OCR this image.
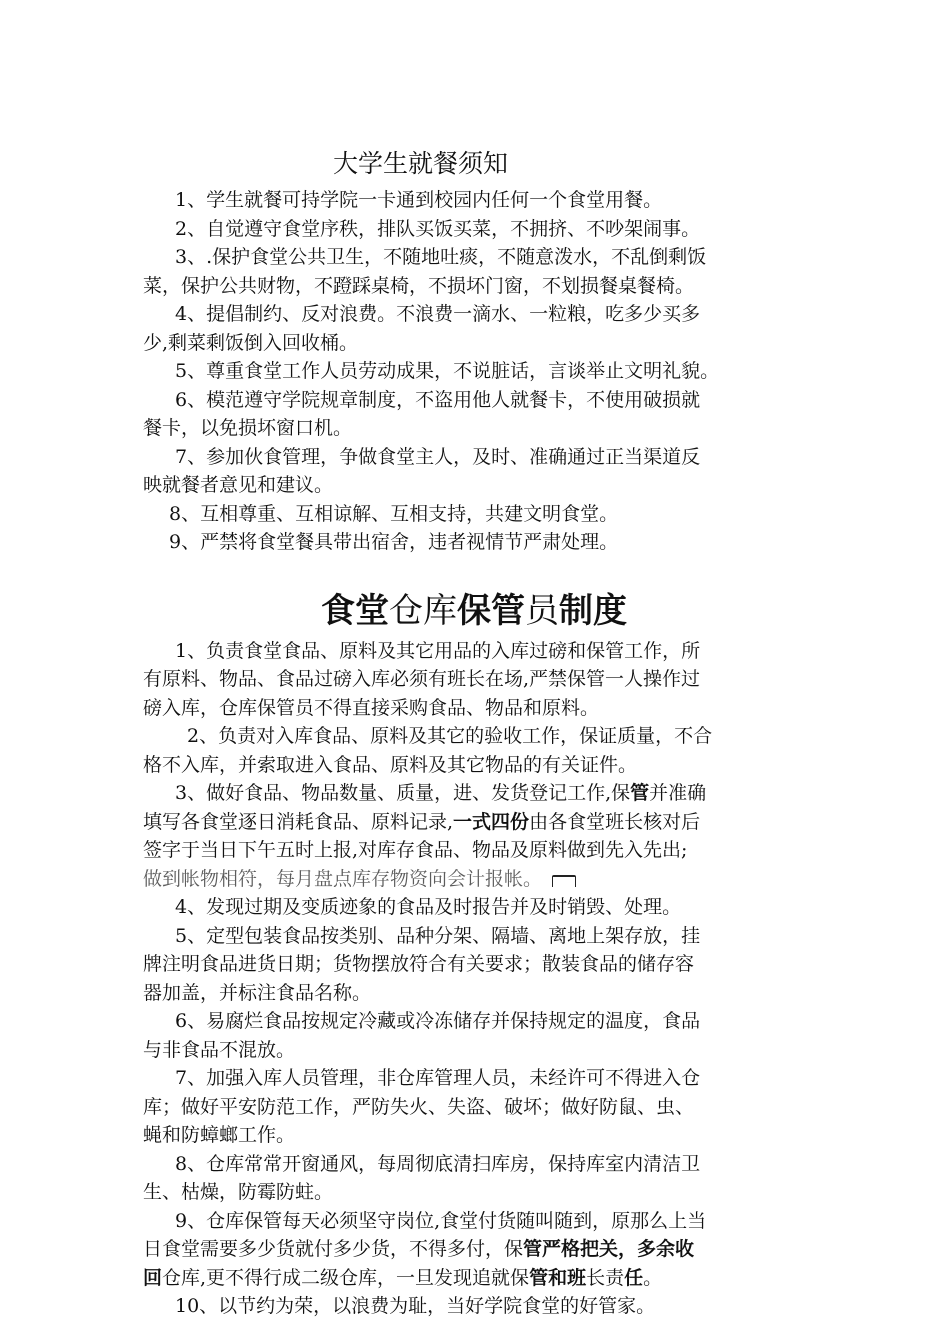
大学生就餐须知

1、学生就餐可持学院一卡通到校园内任何一个食堂用餐。

2、自觉遵守食堂序秩，排队买饭买菜，不拥挤、不吵架闹事。

3、.保护食堂公共卫生，不随地吐痰，不随意泼水，不乱倒剩饭

菜，保护公共财物，不蹬踩桌椅，不损坏门窗，不划损餐桌餐椅。

4、提倡制约、反对浪费。不浪费一滴水、一粒粮，吃多少买多

少,剩菜剩饭倒入回收桶。

5、尊重食堂工作人员劳动成果，不说脏话，言谈举止文明礼貌。

6、模范遵守学院规章制度，不盗用他人就餐卡，不使用破损就

餐卡，以免损坏窗口机。

7、参加伙食管理，争做食堂主人，及时、准确通过正当渠道反

映就餐者意见和建议。

8、互相尊重、互相谅解、互相支持，共建文明食堂。

9、严禁将食堂餐具带出宿舍，违者视情节严肃处理。

食堂仓库保管员制度

1、负责食堂食品、原料及其它用品的入库过磅和保管工作，所

有原料、物品、食品过磅入库必须有班长在场,严禁保管一人操作过

磅入库，仓库保管员不得直接采购食品、物品和原料。

2、负责对入库食品、原料及其它的验收工作，保证质量，不合

格不入库，并索取进入食品、原料及其它物品的有关证件。

3、做好食品、物品数量、质量，进、发货登记工作,保管并准确

填写各食堂逐日消耗食品、原料记录,一式四份由各食堂班长核对后

签字于当日下午五时上报,对库存食品、物品及原料做到先入先出;

做到帐物相符，每月盘点库存物资向会计报帐。

4、发现过期及变质迹象的食品及时报告并及时销毁、处理。

5、定型包装食品按类别、品种分架、隔墙、离地上架存放，挂

牌注明食品进货日期；货物摆放符合有关要求；散装食品的储存容

器加盖，并标注食品名称。

6、易腐烂食品按规定冷藏或冷冻储存并保持规定的温度，食品

与非食品不混放。

7、加强入库人员管理，非仓库管理人员，未经许可不得进入仓

库；做好平安防范工作，严防失火、失盗、破坏；做好防鼠、虫、

蝇和防蟑螂工作。

8、仓库常常开窗通风，每周彻底清扫库房，保持库室内清洁卫

生、枯燥，防霉防蛀。

9、仓库保管每天必须坚守岗位,食堂付货随叫随到，原那么上当

日食堂需要多少货就付多少货，不得多付，保管严格把关，多余收

回仓库,更不得行成二级仓库，一旦发现追就保管和班长责任。

10、以节约为荣，以浪费为耻，当好学院食堂的好管家。
